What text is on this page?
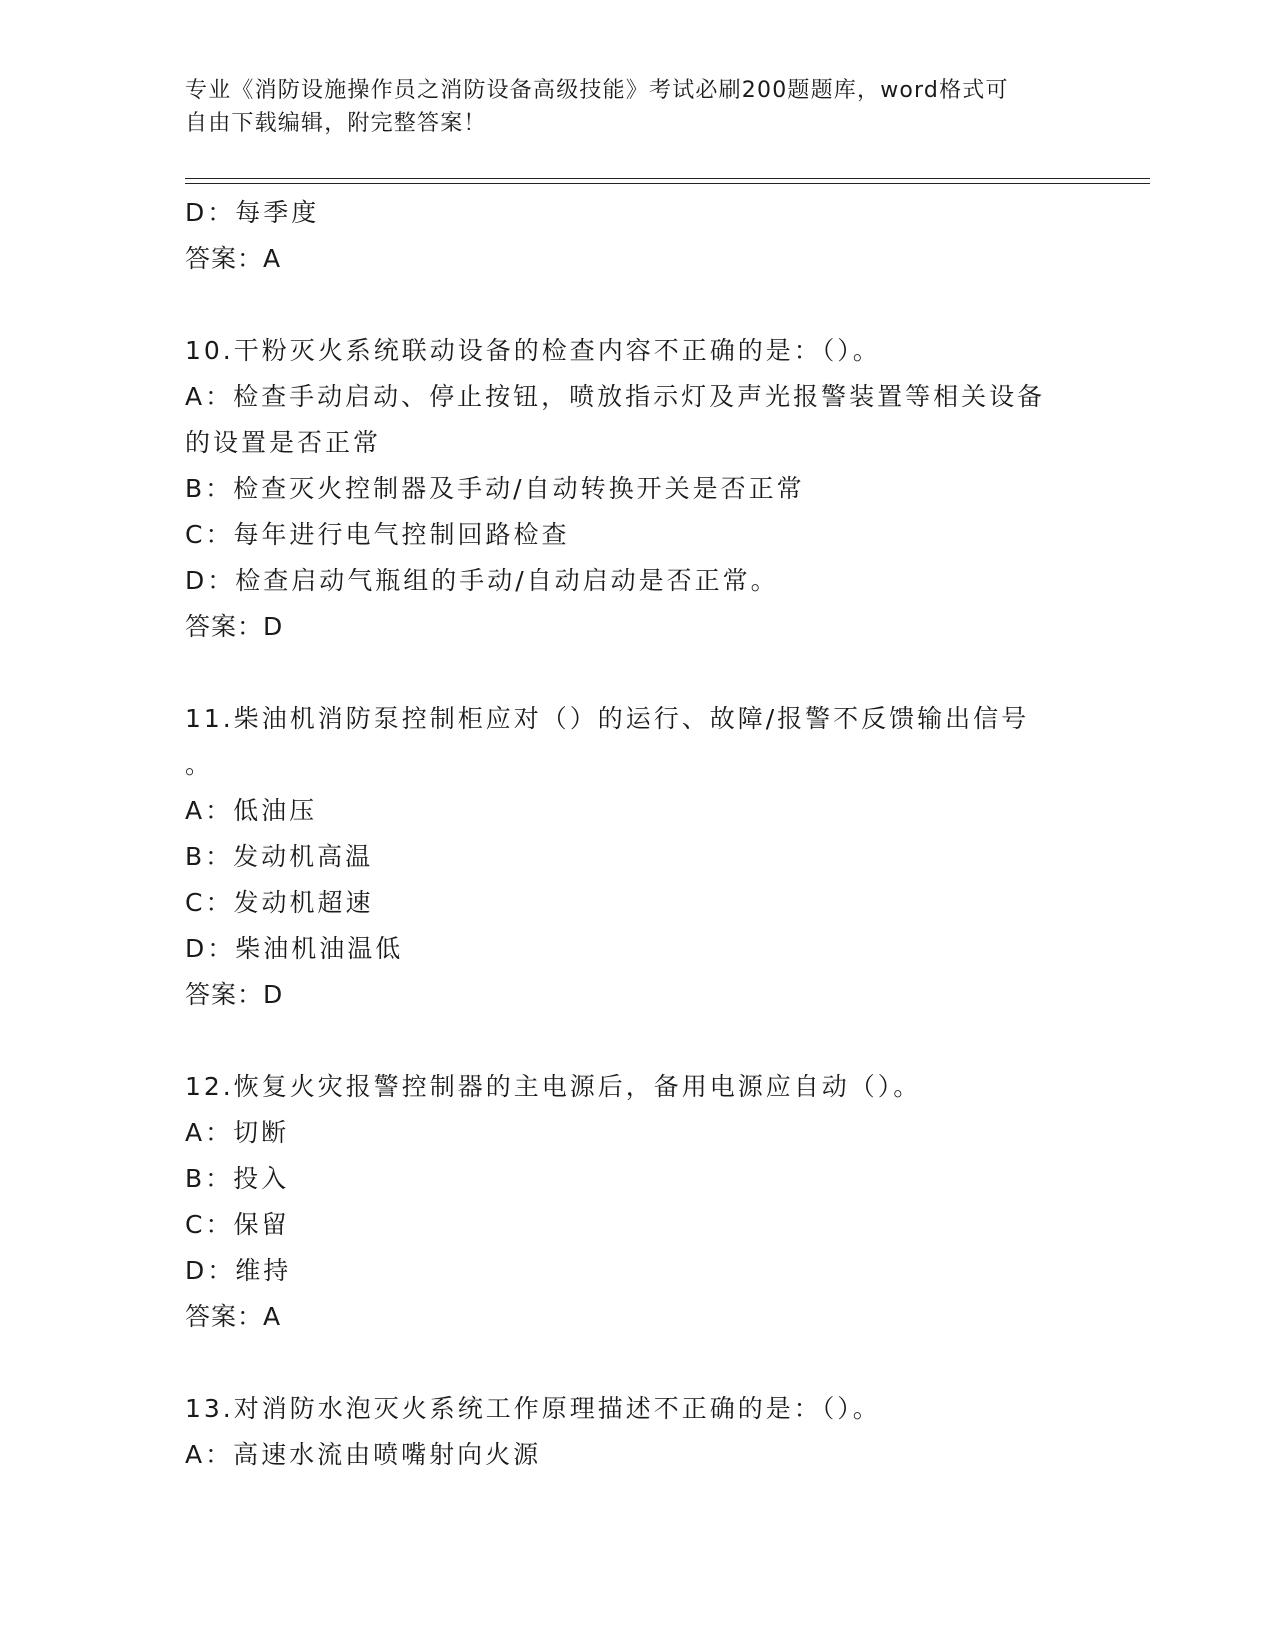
专业《消防设施操作员之消防设备高级技能》考试必刷200题题库，word格式可
自由下载编辑，附完整答案！
D：每季度
答案：A
10.干粉灭火系统联动设备的检查内容不正确的是：（）。
A：检查手动启动、停止按钮，喷放指示灯及声光报警装置等相关设备
的设置是否正常
B：检查灭火控制器及手动/自动转换开关是否正常
C：每年进行电气控制回路检查
D：检查启动气瓶组的手动/自动启动是否正常。
答案：D
11.柴油机消防泵控制柜应对（）的运行、故障/报警不反馈输出信号
。
A：低油压
B：发动机高温
C：发动机超速
D：柴油机油温低
答案：D
12.恢复火灾报警控制器的主电源后，备用电源应自动（）。
A：切断
B：投入
C：保留
D：维持
答案：A
13.对消防水泡灭火系统工作原理描述不正确的是：（）。
A：高速水流由喷嘴射向火源
